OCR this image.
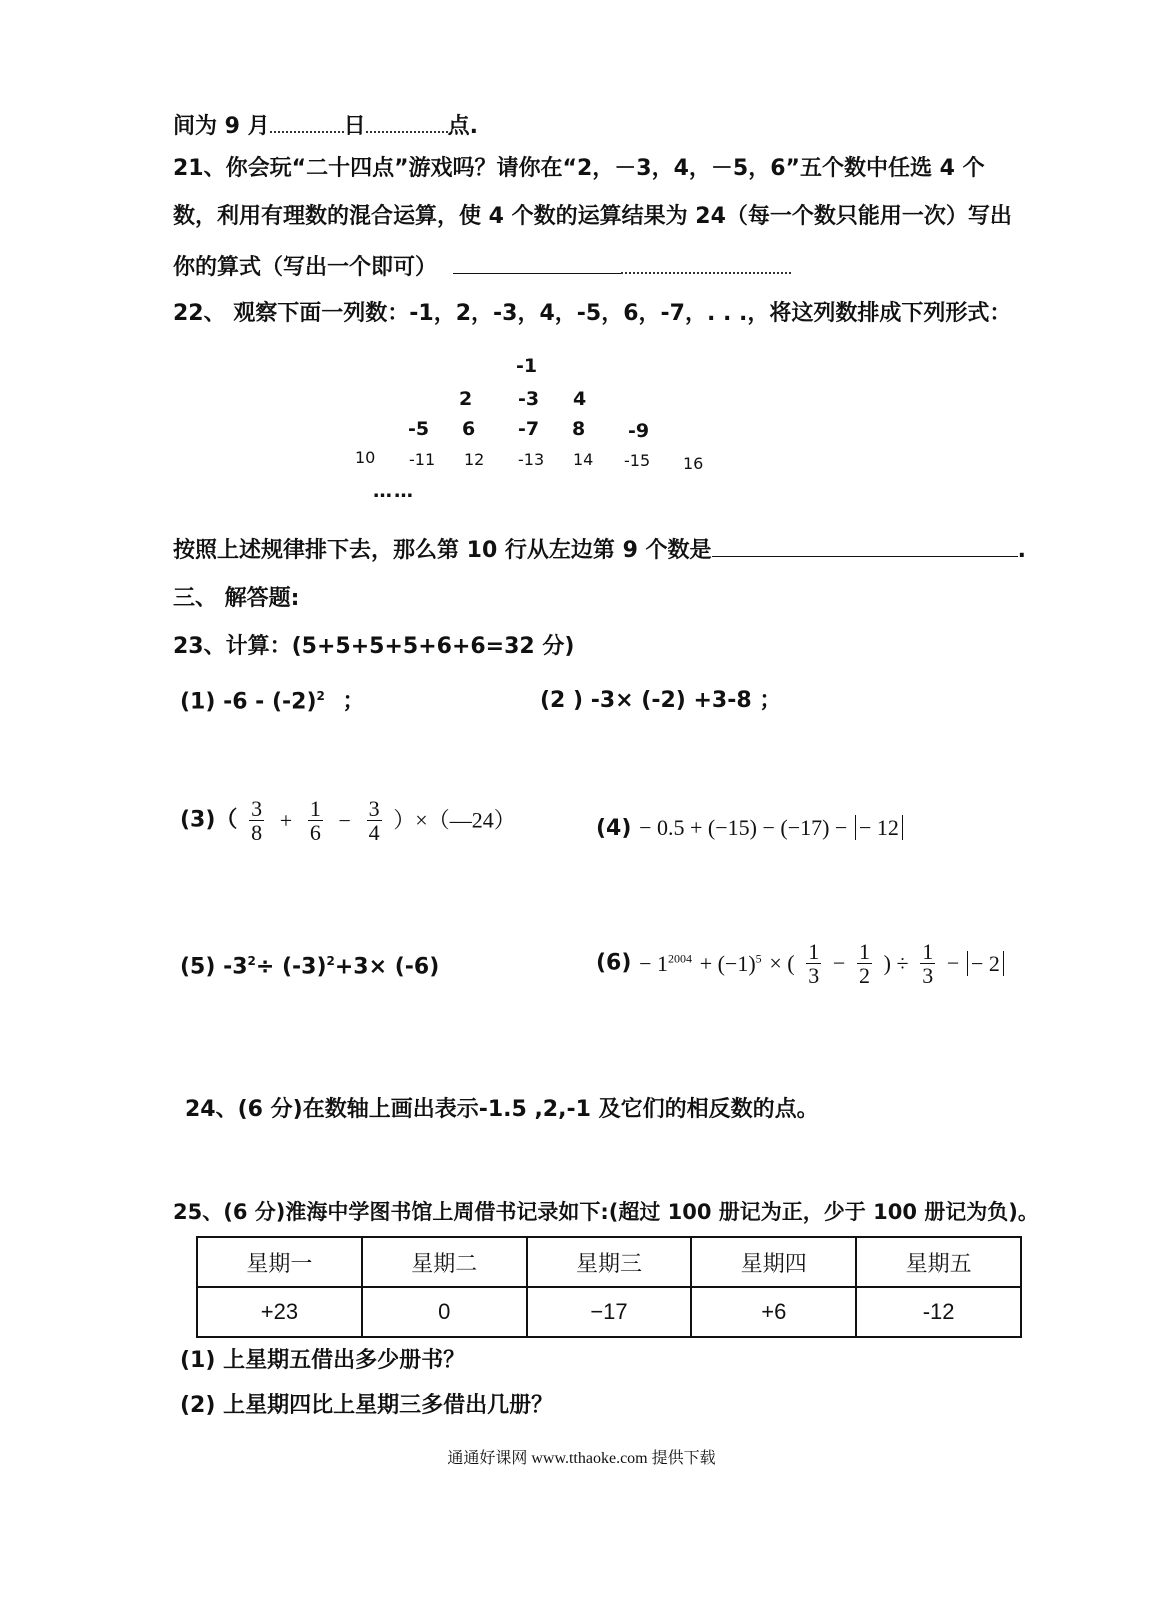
间为 9 月	日	点.
21、你会玩“二十四点”游戏吗？请你在“2，－3，4，－5，6”五个数中任选 4 个
数，利用有理数的混合运算，使 4 个数的运算结果为 24（每一个数只能用一次）写出
你的算式（写出一个即可）
22、 观察下面一列数：-1，2，-3，4，-5，6，-7，. . .，将这列数排成下列形式：
-1
2 -3 4
-5 6 -7 8 -9
10 -11 12 -13 14 -15 16
……
按照上述规律排下去，那么第 10 行从左边第 9 个数是	.
三、 解答题:
23、计算：(5+5+5+5+6+6=32 分)
(1) $-6 - (-2)^2$ ；	(2 ) -3× (-2) +3-8 ；
$(3)( \frac{3}{8} + \frac{1}{6} - \frac{3}{4}$ ）×（—24）	(4) − 0.5 + (−15) − (−17) − − 12
(5) $-3^2\div (-3)^2+3\times (-6)$	$(6) - 1^{2004} + (-1)^5$ × ( $\frac{1}{3} - \frac{1}{2}$ ) ÷ $\frac{1}{3}$ − − 2
24、(6 分)在数轴上画出表示-1.5 ,2,-1 及它们的相反数的点。
25、(6 分)淮海中学图书馆上周借书记录如下:(超过 100 册记为正，少于 100 册记为负)。
星期一	星期二	星期三	星期四	星期五
+23	0	−17	+6	-12
(1) 上星期五借出多少册书？
(2) 上星期四比上星期三多借出几册？
通通好课网 www.tthaoke.com 提供下载
